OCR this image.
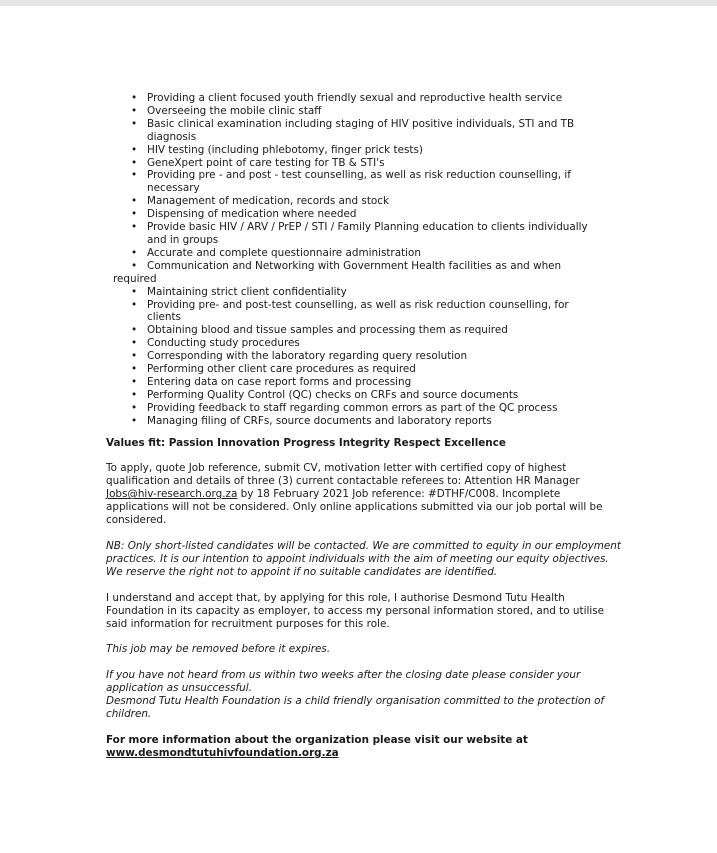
• Providing a client focused youth friendly sexual and reproductive health service
• Overseeing the mobile clinic staff
• Basic clinical examination including staging of HIV positive individuals, STI and TB
diagnosis
• HIV testing (including phlebotomy, finger prick tests)
• GeneXpert point of care testing for TB & STI's
• Providing pre - and post - test counselling, as well as risk reduction counselling, if
necessary
• Management of medication, records and stock
• Dispensing of medication where needed
• Provide basic HIV / ARV / PrEP / STI / Family Planning education to clients individually
and in groups
• Accurate and complete questionnaire administration
• Communication and Networking with Government Health facilities as and when
required
• Maintaining strict client confidentiality
• Providing pre- and post-test counselling, as well as risk reduction counselling, for
clients
• Obtaining blood and tissue samples and processing them as required
• Conducting study procedures
• Corresponding with the laboratory regarding query resolution
• Performing other client care procedures as required
• Entering data on case report forms and processing
• Performing Quality Control (QC) checks on CRFs and source documents
• Providing feedback to staff regarding common errors as part of the QC process
• Managing filing of CRFs, source documents and laboratory reports

Values fit: Passion Innovation Progress Integrity Respect Excellence

To apply, quote Job reference, submit CV, motivation letter with certified copy of highest qualification and details of three (3) current contactable referees to: Attention HR Manager Jobs@hiv-research.org.za by 18 February 2021 Job reference: #DTHF/C008. Incomplete applications will not be considered. Only online applications submitted via our job portal will be considered.

NB: Only short-listed candidates will be contacted. We are committed to equity in our employment practices. It is our intention to appoint individuals with the aim of meeting our equity objectives. We reserve the right not to appoint if no suitable candidates are identified.

I understand and accept that, by applying for this role, I authorise Desmond Tutu Health Foundation in its capacity as employer, to access my personal information stored, and to utilise said information for recruitment purposes for this role.

This job may be removed before it expires.

If you have not heard from us within two weeks after the closing date please consider your application as unsuccessful.

Desmond Tutu Health Foundation is a child friendly organisation committed to the protection of children.

For more information about the organization please visit our website at
www.desmondtutuhivfoundation.org.za
